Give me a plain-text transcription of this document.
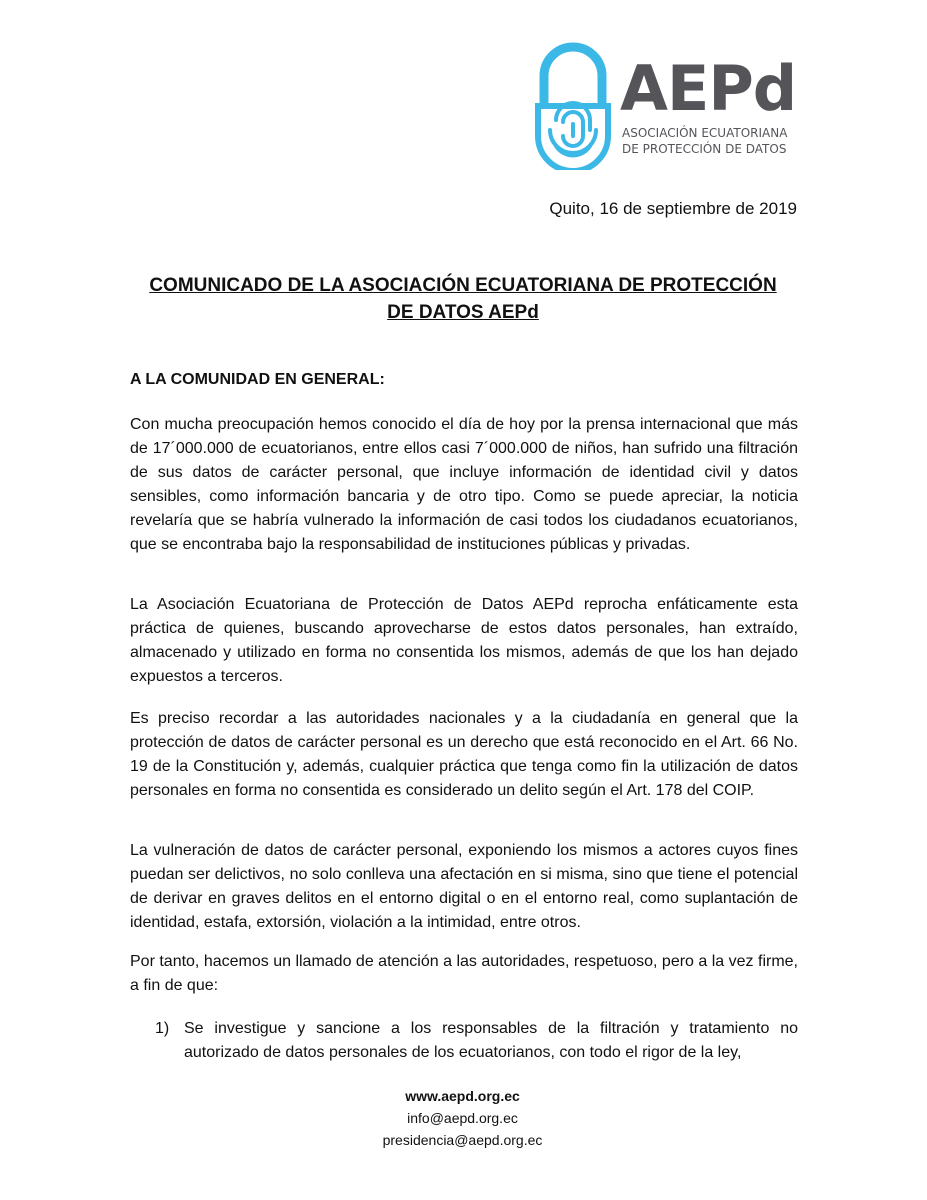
AEPd
ASOCIACIÓN ECUATORIANA
DE PROTECCIÓN DE DATOS
Quito, 16 de septiembre de 2019
COMUNICADO DE LA ASOCIACIÓN ECUATORIANA DE PROTECCIÓN
DE DATOS AEPd
A LA COMUNIDAD EN GENERAL:

Con mucha preocupación hemos conocido el día de hoy por la prensa internacional que más de 17´000.000 de ecuatorianos, entre ellos casi 7´000.000 de niños, han sufrido una filtración de sus datos de carácter personal, que incluye información de identidad civil y datos sensibles, como información bancaria y de otro tipo. Como se puede apreciar, la noticia revelaría que se habría vulnerado la información de casi todos los ciudadanos ecuatorianos, que se encontraba bajo la responsabilidad de instituciones públicas y privadas.

La Asociación Ecuatoriana de Protección de Datos AEPd reprocha enfáticamente esta práctica de quienes, buscando aprovecharse de estos datos personales, han extraído, almacenado y utilizado en forma no consentida los mismos, además de que los han dejado expuestos a terceros.

Es preciso recordar a las autoridades nacionales y a la ciudadanía en general que la protección de datos de carácter personal es un derecho que está reconocido en el Art. 66 No. 19 de la Constitución y, además, cualquier práctica que tenga como fin la utilización de datos personales en forma no consentida es considerado un delito según el Art. 178 del COIP.

La vulneración de datos de carácter personal, exponiendo los mismos a actores cuyos fines puedan ser delictivos, no solo conlleva una afectación en si misma, sino que tiene el potencial de derivar en graves delitos en el entorno digital o en el entorno real, como suplantación de identidad, estafa, extorsión, violación a la intimidad, entre otros.

Por tanto, hacemos un llamado de atención a las autoridades, respetuoso, pero a la vez firme, a fin de que:

1) Se investigue y sancione a los responsables de la filtración y tratamiento no autorizado de datos personales de los ecuatorianos, con todo el rigor de la ley,
www.aepd.org.ec
info@aepd.org.ec
presidencia@aepd.org.ec
